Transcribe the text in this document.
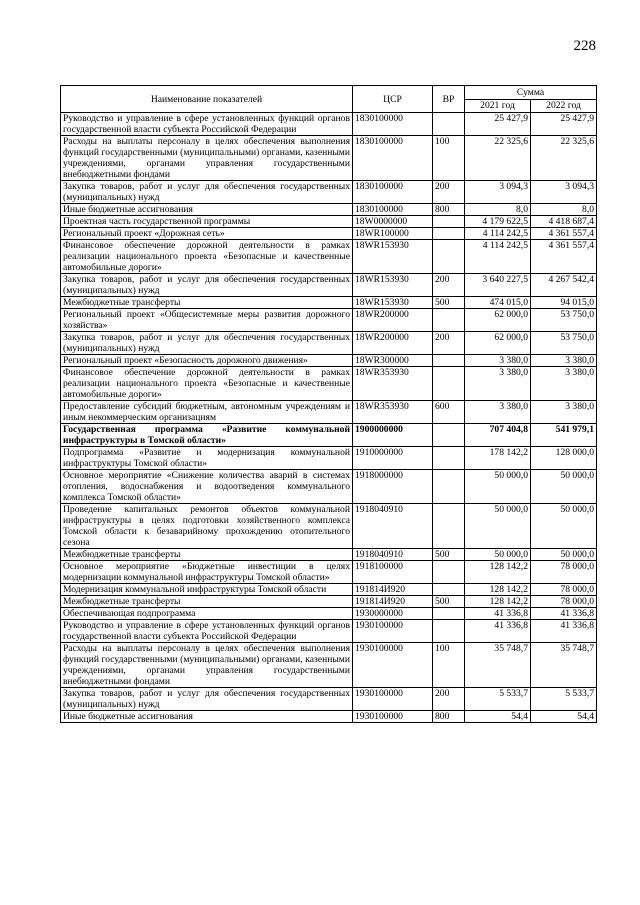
228
Наименование показателей	ЦСР	ВР	Сумма	
			2021 год	2022 год
Руководство и управление в сфере установленных функций органов государственной власти субъекта Российской Федерации	1830100000		25 427,9	25 427,9
Расходы на выплаты персоналу в целях обеспечения выполнения функций государственными (муниципальными) органами, казенными учреждениями, органами управления государственными внебюджетными фондами	1830100000	100	22 325,6	22 325,6
Закупка товаров, работ и услуг для обеспечения государственных (муниципальных) нужд	1830100000	200	3 094,3	3 094,3
Иные бюджетные ассигнования	1830100000	800	8,0	8,0
Проектная часть государственной программы	18W0000000		4 179 622,5	4 418 687,4
Региональный проект «Дорожная сеть»	18WR100000		4 114 242,5	4 361 557,4
Финансовое обеспечение дорожной деятельности в рамках реализации национального проекта «Безопасные и качественные автомобильные дороги»	18WR153930		4 114 242,5	4 361 557,4
Закупка товаров, работ и услуг для обеспечения государственных (муниципальных) нужд	18WR153930	200	3 640 227,5	4 267 542,4
Межбюджетные трансферты	18WR153930	500	474 015,0	94 015,0
Региональный проект «Общесистемные меры развития дорожного хозяйства»	18WR200000		62 000,0	53 750,0
Закупка товаров, работ и услуг для обеспечения государственных (муниципальных) нужд	18WR200000	200	62 000,0	53 750,0
Региональный проект «Безопасность дорожного движения»	18WR300000		3 380,0	3 380,0
Финансовое обеспечение дорожной деятельности в рамках реализации национального проекта «Безопасные и качественные автомобильные дороги»	18WR353930		3 380,0	3 380,0
Предоставление субсидий бюджетным, автономным учреждениям и иным некоммерческим организациям	18WR353930	600	3 380,0	3 380,0
Государственная программа «Развитие коммунальной инфраструктуры в Томской области»	1900000000		707 404,8	541 979,1
Подпрограмма «Развитие и модернизация коммунальной инфраструктуры Томской области»	1910000000		178 142,2	128 000,0
Основное мероприятие «Снижение количества аварий в системах отопления, водоснабжения и водоотведения коммунального комплекса Томской области»	1918000000		50 000,0	50 000,0
Проведение капитальных ремонтов объектов коммунальной инфраструктуры в целях подготовки хозяйственного комплекса Томской области к безаварийному прохождению отопительного сезона	1918040910		50 000,0	50 000,0
Межбюджетные трансферты	1918040910	500	50 000,0	50 000,0
Основное мероприятие «Бюджетные инвестиции в целях модернизации коммунальной инфраструктуры Томской области»	1918100000		128 142,2	78 000,0
Модернизация коммунальной инфраструктуры Томской области	191814И920		128 142,2	78 000,0
Межбюджетные трансферты	191814И920	500	128 142,2	78 000,0
Обеспечивающая подпрограмма	1930000000		41 336,8	41 336,8
Руководство и управление в сфере установленных функций органов государственной власти субъекта Российской Федерации	1930100000		41 336,8	41 336,8
Расходы на выплаты персоналу в целях обеспечения выполнения функций государственными (муниципальными) органами, казенными учреждениями, органами управления государственными внебюджетными фондами	1930100000	100	35 748,7	35 748,7
Закупка товаров, работ и услуг для обеспечения государственных (муниципальных) нужд	1930100000	200	5 533,7	5 533,7
Иные бюджетные ассигнования	1930100000	800	54,4	54,4
